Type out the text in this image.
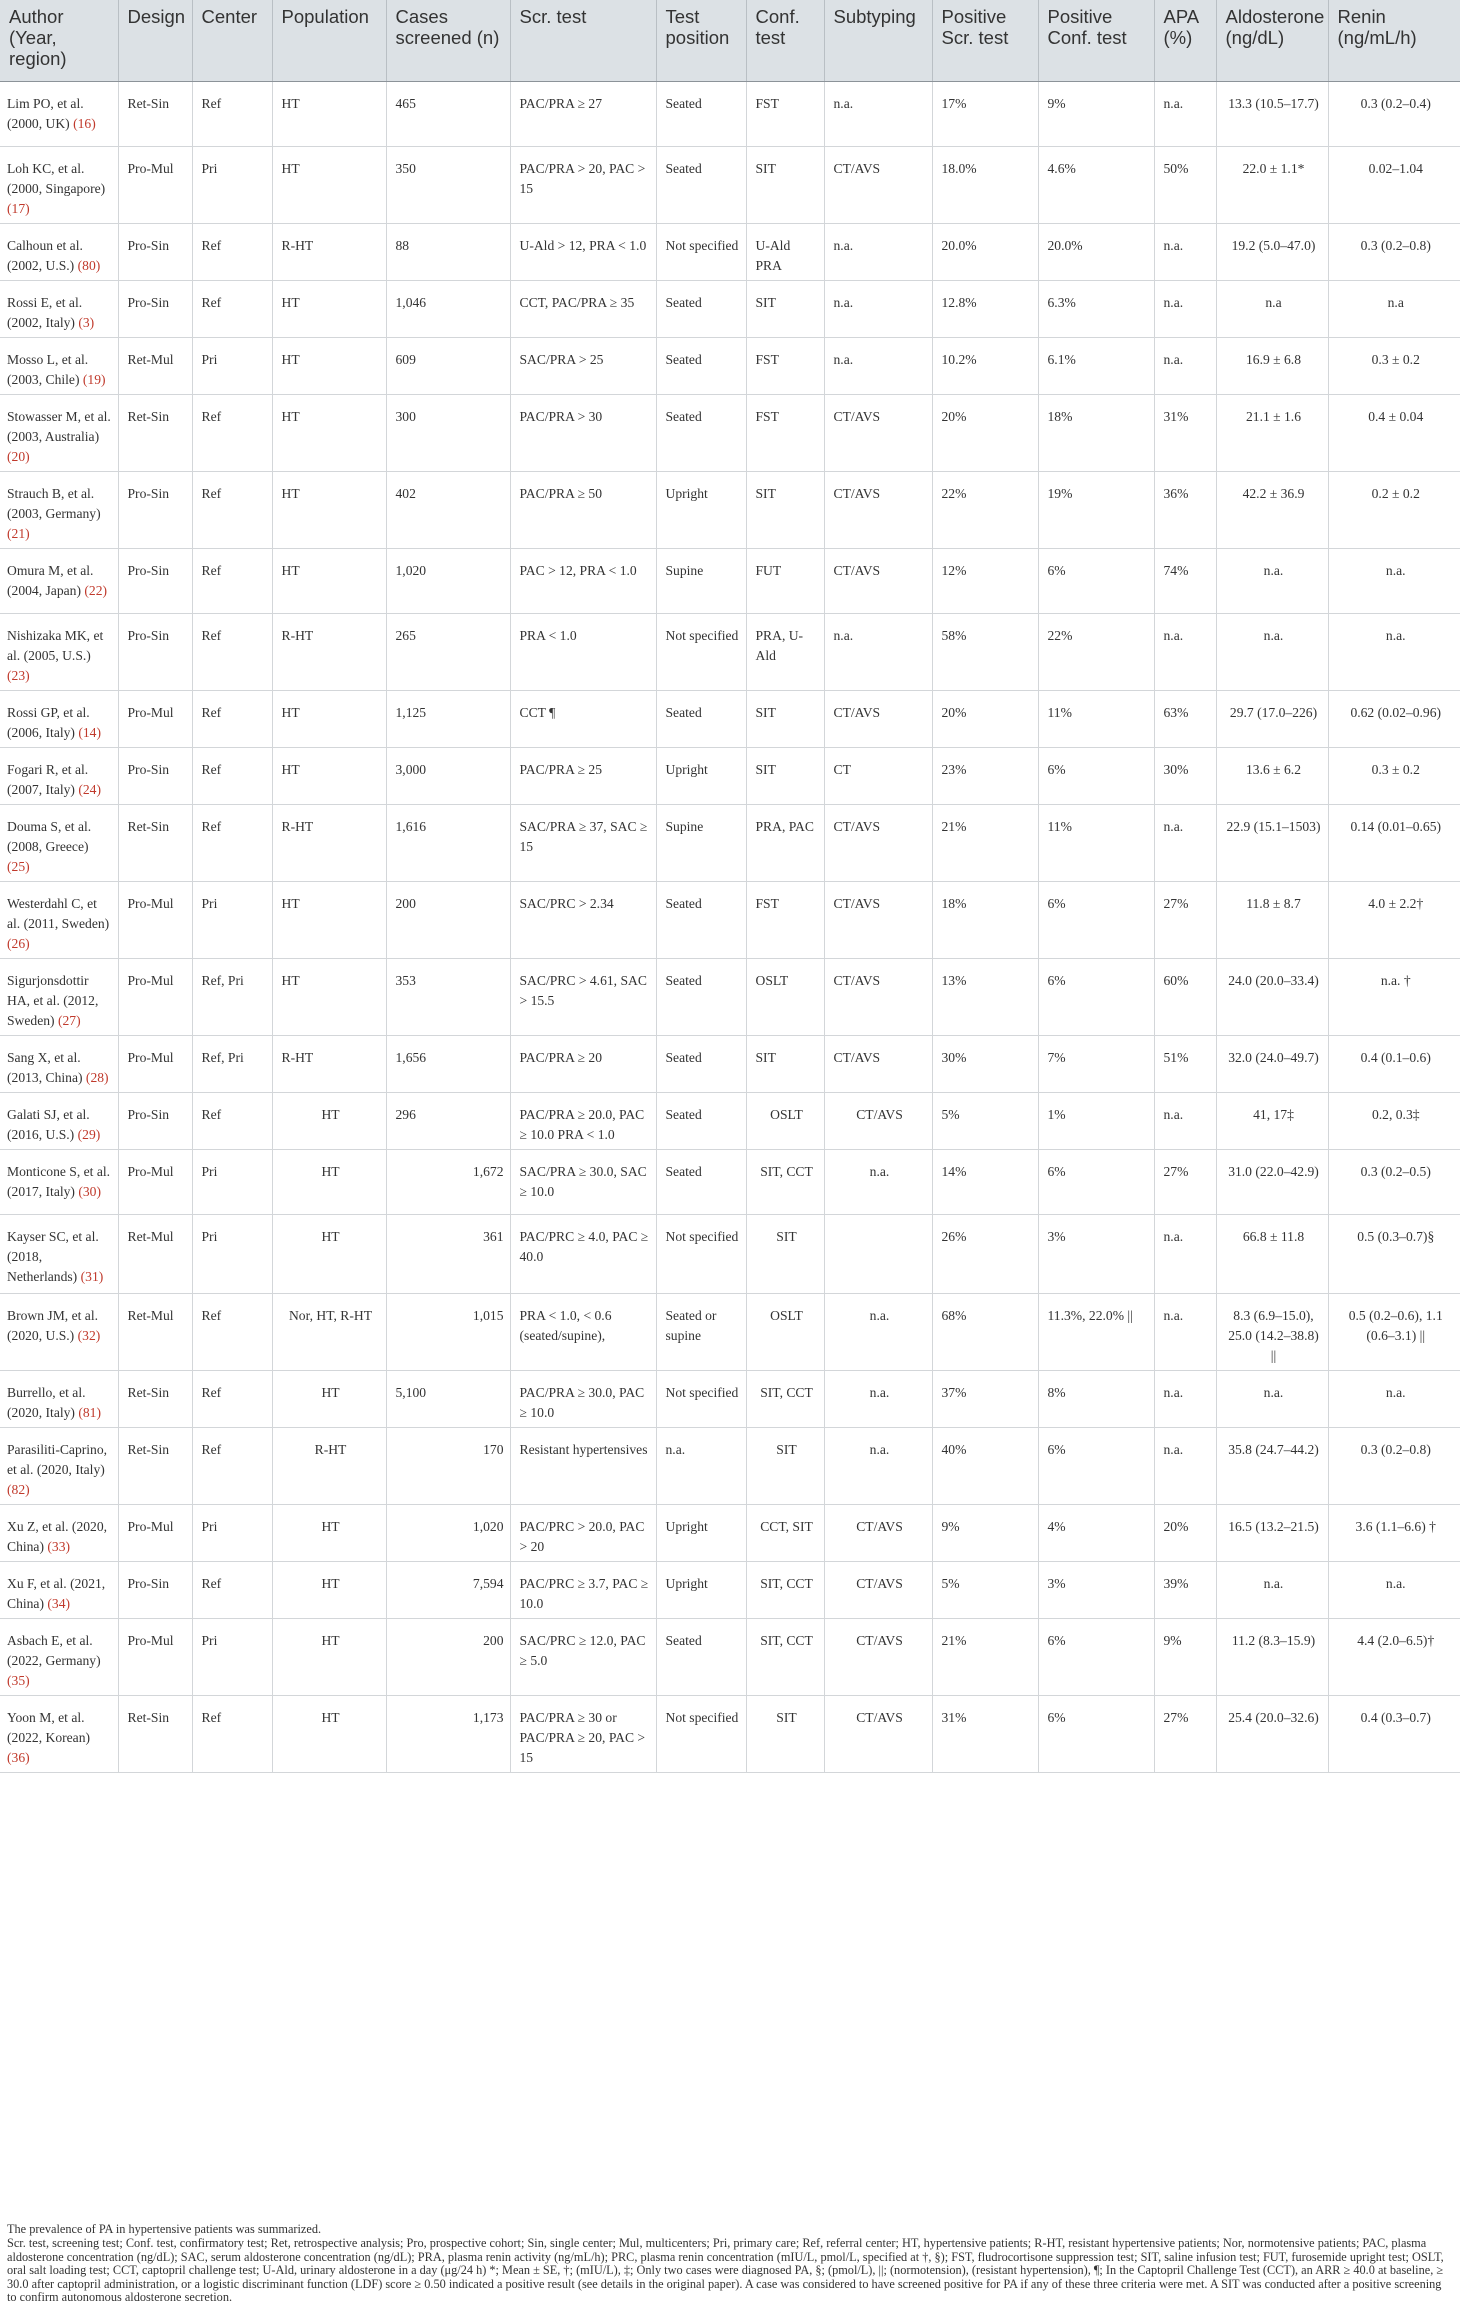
Author (Year, region)	Design	Center	Population	Cases screened (n)	Scr. test	Test position	Conf. test	Subtyping	Positive Scr. test	Positive Conf. test	APA (%)	Aldosterone (ng/dL)	Renin (ng/mL/h)
Lim PO, et al. (2000, UK) (16)	Ret-Sin	Ref	HT	465	PAC/PRA ≥ 27	Seated	FST	n.a.	17%	9%	n.a.	13.3 (10.5–17.7)	0.3 (0.2–0.4)
Loh KC, et al. (2000, Singapore) (17)	Pro-Mul	Pri	HT	350	PAC/PRA > 20, PAC > 15	Seated	SIT	CT/AVS	18.0%	4.6%	50%	22.0 ± 1.1*	0.02–1.04
Calhoun et al. (2002, U.S.) (80)	Pro-Sin	Ref	R-HT	88	U-Ald > 12, PRA < 1.0	Not specified	U-Ald PRA	n.a.	20.0%	20.0%	n.a.	19.2 (5.0–47.0)	0.3 (0.2–0.8)
Rossi E, et al. (2002, Italy) (3)	Pro-Sin	Ref	HT	1,046	CCT, PAC/PRA ≥ 35	Seated	SIT	n.a.	12.8%	6.3%	n.a.	n.a	n.a
Mosso L, et al. (2003, Chile) (19)	Ret-Mul	Pri	HT	609	SAC/PRA > 25	Seated	FST	n.a.	10.2%	6.1%	n.a.	16.9 ± 6.8	0.3 ± 0.2
Stowasser M, et al. (2003, Australia) (20)	Ret-Sin	Ref	HT	300	PAC/PRA > 30	Seated	FST	CT/AVS	20%	18%	31%	21.1 ± 1.6	0.4 ± 0.04
Strauch B, et al. (2003, Germany) (21)	Pro-Sin	Ref	HT	402	PAC/PRA ≥ 50	Upright	SIT	CT/AVS	22%	19%	36%	42.2 ± 36.9	0.2 ± 0.2
Omura M, et al. (2004, Japan) (22)	Pro-Sin	Ref	HT	1,020	PAC > 12, PRA < 1.0	Supine	FUT	CT/AVS	12%	6%	74%	n.a.	n.a.
Nishizaka MK, et al. (2005, U.S.) (23)	Pro-Sin	Ref	R-HT	265	PRA < 1.0	Not specified	PRA, U-Ald	n.a.	58%	22%	n.a.	n.a.	n.a.
Rossi GP, et al. (2006, Italy) (14)	Pro-Mul	Ref	HT	1,125	CCT ¶	Seated	SIT	CT/AVS	20%	11%	63%	29.7 (17.0–226)	0.62 (0.02–0.96)
Fogari R, et al. (2007, Italy) (24)	Pro-Sin	Ref	HT	3,000	PAC/PRA ≥ 25	Upright	SIT	CT	23%	6%	30%	13.6 ± 6.2	0.3 ± 0.2
Douma S, et al. (2008, Greece) (25)	Ret-Sin	Ref	R-HT	1,616	SAC/PRA ≥ 37, SAC ≥ 15	Supine	PRA, PAC	CT/AVS	21%	11%	n.a.	22.9 (15.1–1503)	0.14 (0.01–0.65)
Westerdahl C, et al. (2011, Sweden) (26)	Pro-Mul	Pri	HT	200	SAC/PRC > 2.34	Seated	FST	CT/AVS	18%	6%	27%	11.8 ± 8.7	4.0 ± 2.2†
Sigurjonsdottir HA, et al. (2012, Sweden) (27)	Pro-Mul	Ref, Pri	HT	353	SAC/PRC > 4.61, SAC > 15.5	Seated	OSLT	CT/AVS	13%	6%	60%	24.0 (20.0–33.4)	n.a. †
Sang X, et al. (2013, China) (28)	Pro-Mul	Ref, Pri	R-HT	1,656	PAC/PRA ≥ 20	Seated	SIT	CT/AVS	30%	7%	51%	32.0 (24.0–49.7)	0.4 (0.1–0.6)
Galati SJ, et al. (2016, U.S.) (29)	Pro-Sin	Ref	HT	296	PAC/PRA ≥ 20.0, PAC ≥ 10.0 PRA < 1.0	Seated	OSLT	CT/AVS	5%	1%	n.a.	41, 17‡	0.2, 0.3‡
Monticone S, et al. (2017, Italy) (30)	Pro-Mul	Pri	HT	1,672	SAC/PRA ≥ 30.0, SAC ≥ 10.0	Seated	SIT, CCT	n.a.	14%	6%	27%	31.0 (22.0–42.9)	0.3 (0.2–0.5)
Kayser SC, et al. (2018, Netherlands) (31)	Ret-Mul	Pri	HT	361	PAC/PRC ≥ 4.0, PAC ≥ 40.0	Not specified	SIT		26%	3%	n.a.	66.8 ± 11.8	0.5 (0.3–0.7)§
Brown JM, et al. (2020, U.S.) (32)	Ret-Mul	Ref	Nor, HT, R-HT	1,015	PRA < 1.0, < 0.6 (seated/supine),	Seated or supine	OSLT	n.a.	68%	11.3%, 22.0% ||	n.a.	8.3 (6.9–15.0), 25.0 (14.2–38.8) ||	0.5 (0.2–0.6), 1.1 (0.6–3.1) ||
Burrello, et al. (2020, Italy) (81)	Ret-Sin	Ref	HT	5,100	PAC/PRA ≥ 30.0, PAC ≥ 10.0	Not specified	SIT, CCT	n.a.	37%	8%	n.a.	n.a.	n.a.
Parasiliti-Caprino, et al. (2020, Italy) (82)	Ret-Sin	Ref	R-HT	170	Resistant hypertensives	n.a.	SIT	n.a.	40%	6%	n.a.	35.8 (24.7–44.2)	0.3 (0.2–0.8)
Xu Z, et al. (2020, China) (33)	Pro-Mul	Pri	HT	1,020	PAC/PRC > 20.0, PAC > 20	Upright	CCT, SIT	CT/AVS	9%	4%	20%	16.5 (13.2–21.5)	3.6 (1.1–6.6) †
Xu F, et al. (2021, China) (34)	Pro-Sin	Ref	HT	7,594	PAC/PRC ≥ 3.7, PAC ≥ 10.0	Upright	SIT, CCT	CT/AVS	5%	3%	39%	n.a.	n.a.
Asbach E, et al. (2022, Germany) (35)	Pro-Mul	Pri	HT	200	SAC/PRC ≥ 12.0, PAC ≥ 5.0	Seated	SIT, CCT	CT/AVS	21%	6%	9%	11.2 (8.3–15.9)	4.4 (2.0–6.5)†
Yoon M, et al. (2022, Korean) (36)	Ret-Sin	Ref	HT	1,173	PAC/PRA ≥ 30 or PAC/PRA ≥ 20, PAC > 15	Not specified	SIT	CT/AVS	31%	6%	27%	25.4 (20.0–32.6)	0.4 (0.3–0.7)
The prevalence of PA in hypertensive patients was summarized.
Scr. test, screening test; Conf. test, confirmatory test; Ret, retrospective analysis; Pro, prospective cohort; Sin, single center; Mul, multicenters; Pri, primary care; Ref, referral center; HT, hypertensive patients; R-HT, resistant hypertensive patients; Nor, normotensive patients; PAC, plasma aldosterone concentration (ng/dL); SAC, serum aldosterone concentration (ng/dL); PRA, plasma renin activity (ng/mL/h); PRC, plasma renin concentration (mIU/L, pmol/L, specified at †, §); FST, fludrocortisone suppression test; SIT, saline infusion test; FUT, furosemide upright test; OSLT, oral salt loading test; CCT, captopril challenge test; U-Ald, urinary aldosterone in a day (μg/24 h) *; Mean ± SE, †; (mIU/L), ‡; Only two cases were diagnosed PA, §; (pmol/L), ||; (normotension), (resistant hypertension), ¶; In the Captopril Challenge Test (CCT), an ARR ≥ 40.0 at baseline, ≥ 30.0 after captopril administration, or a logistic discriminant function (LDF) score ≥ 0.50 indicated a positive result (see details in the original paper). A case was considered to have screened positive for PA if any of these three criteria were met. A SIT was conducted after a positive screening to confirm autonomous aldosterone secretion.
